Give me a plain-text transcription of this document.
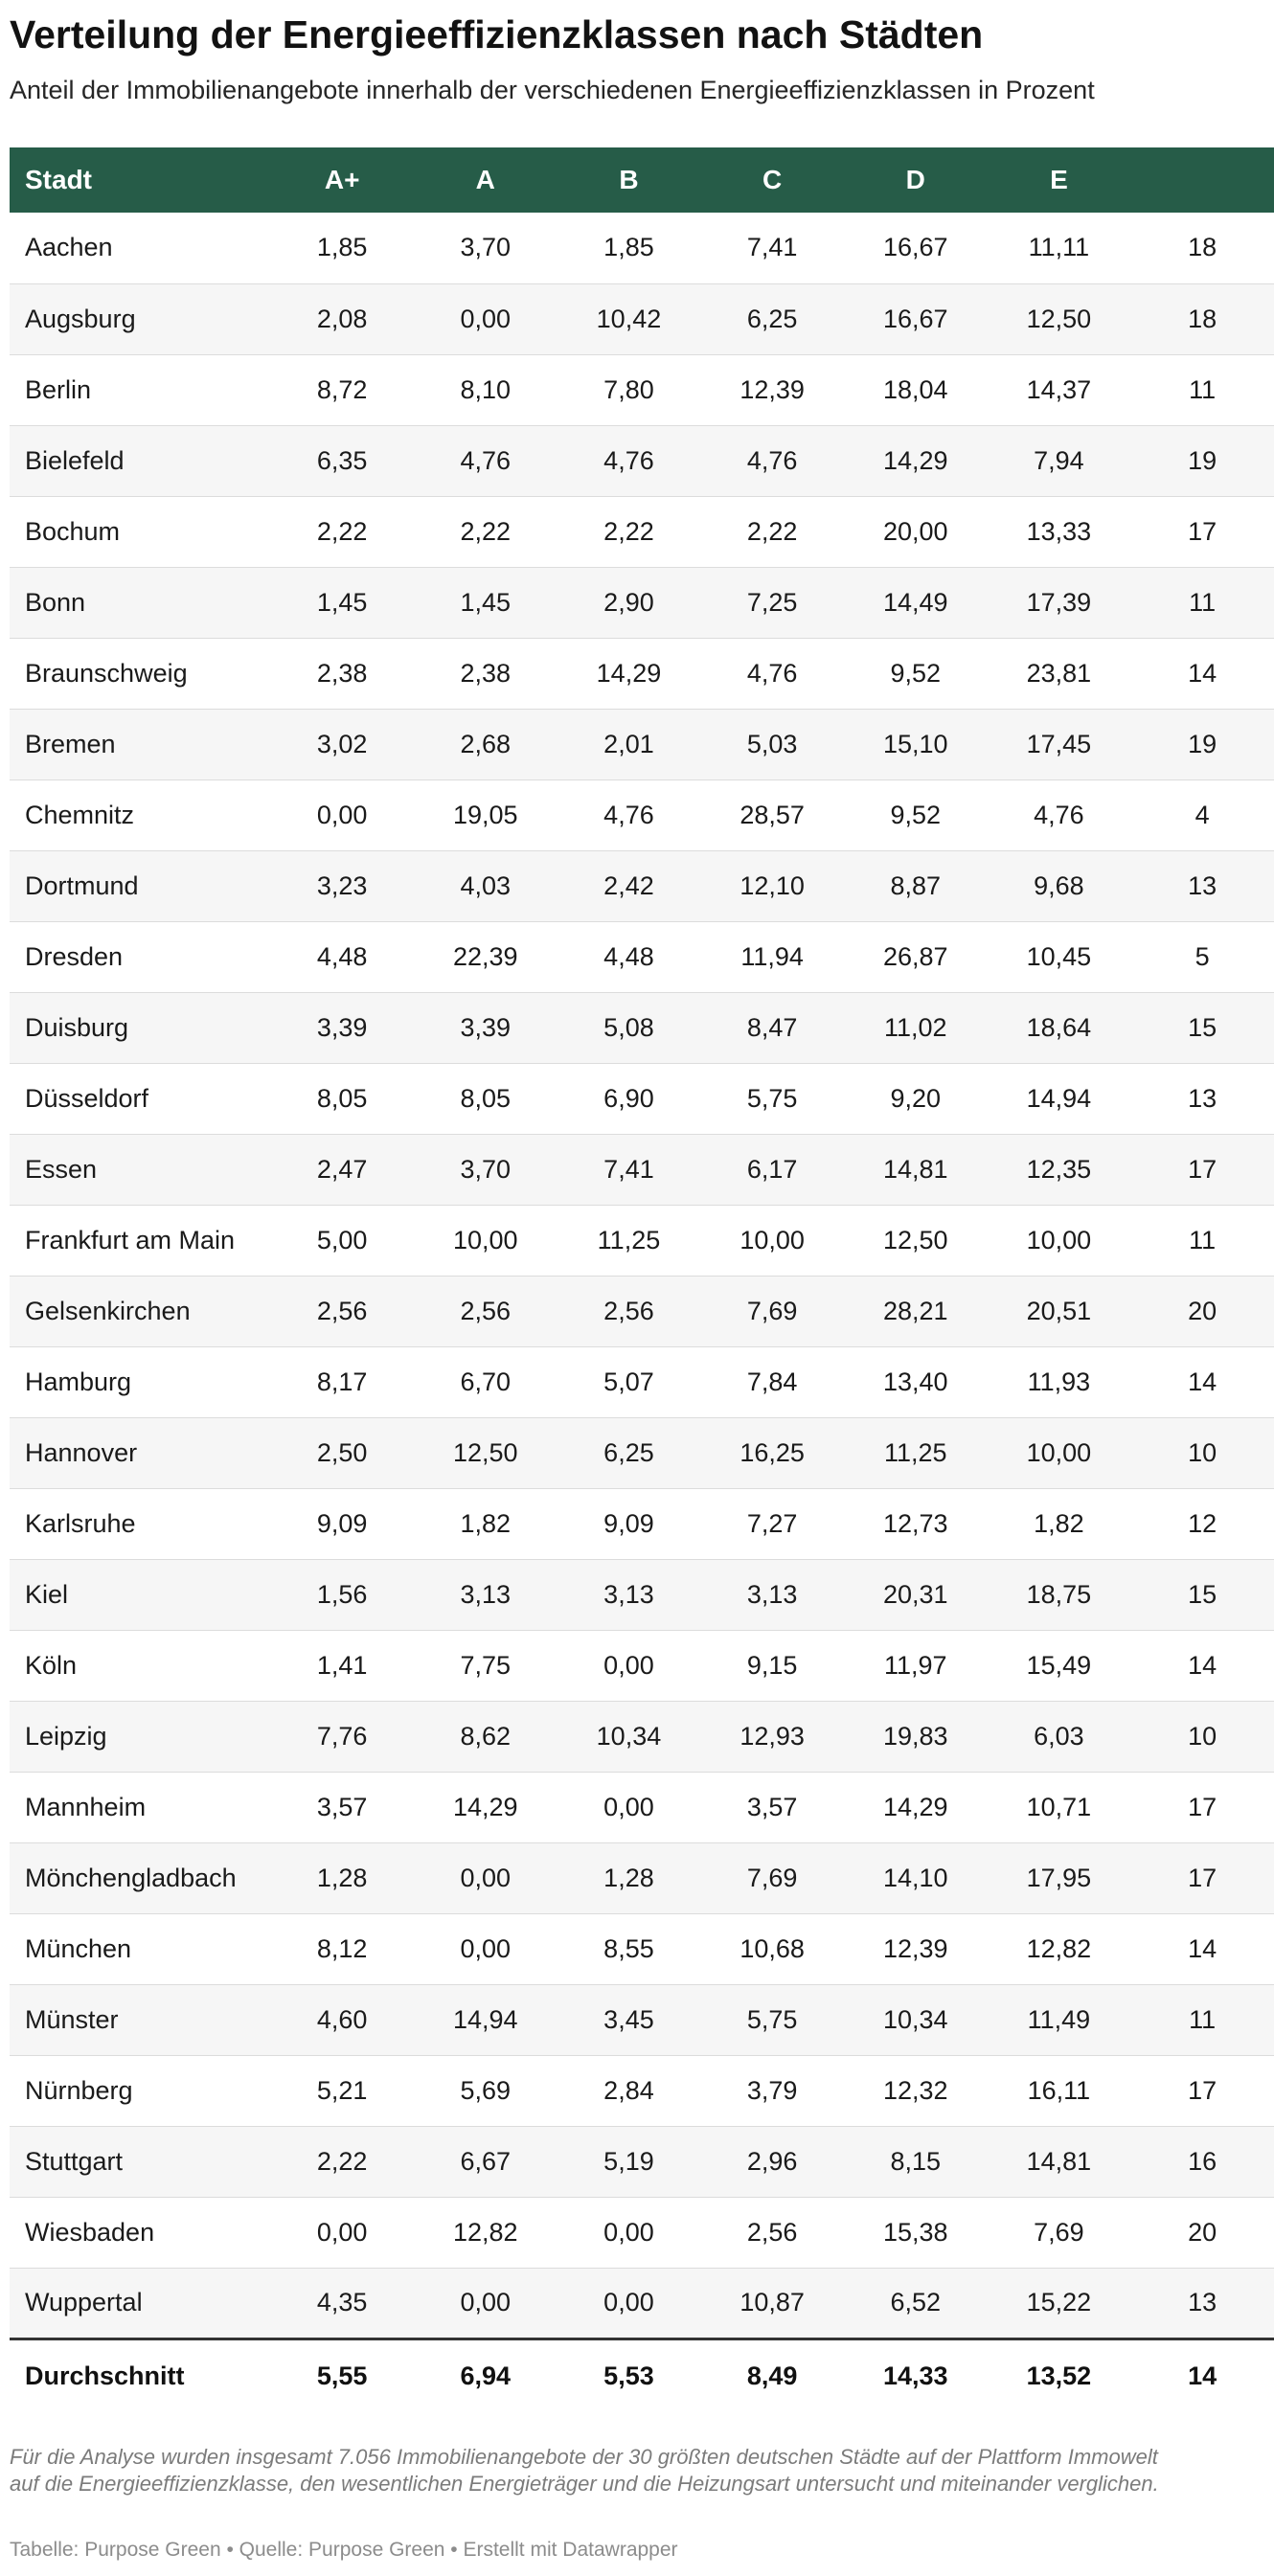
Verteilung der Energieeffizienzklassen nach Städten

Anteil der Immobilienangebote innerhalb der verschiedenen Energieeffizienzklassen in Prozent

Stadt	A+	A	B	C	D	E	
Aachen	1,85	3,70	1,85	7,41	16,67	11,11	18
Augsburg	2,08	0,00	10,42	6,25	16,67	12,50	18
Berlin	8,72	8,10	7,80	12,39	18,04	14,37	11
Bielefeld	6,35	4,76	4,76	4,76	14,29	7,94	19
Bochum	2,22	2,22	2,22	2,22	20,00	13,33	17
Bonn	1,45	1,45	2,90	7,25	14,49	17,39	11
Braunschweig	2,38	2,38	14,29	4,76	9,52	23,81	14
Bremen	3,02	2,68	2,01	5,03	15,10	17,45	19
Chemnitz	0,00	19,05	4,76	28,57	9,52	4,76	4
Dortmund	3,23	4,03	2,42	12,10	8,87	9,68	13
Dresden	4,48	22,39	4,48	11,94	26,87	10,45	5
Duisburg	3,39	3,39	5,08	8,47	11,02	18,64	15
Düsseldorf	8,05	8,05	6,90	5,75	9,20	14,94	13
Essen	2,47	3,70	7,41	6,17	14,81	12,35	17
Frankfurt am Main	5,00	10,00	11,25	10,00	12,50	10,00	11
Gelsenkirchen	2,56	2,56	2,56	7,69	28,21	20,51	20
Hamburg	8,17	6,70	5,07	7,84	13,40	11,93	14
Hannover	2,50	12,50	6,25	16,25	11,25	10,00	10
Karlsruhe	9,09	1,82	9,09	7,27	12,73	1,82	12
Kiel	1,56	3,13	3,13	3,13	20,31	18,75	15
Köln	1,41	7,75	0,00	9,15	11,97	15,49	14
Leipzig	7,76	8,62	10,34	12,93	19,83	6,03	10
Mannheim	3,57	14,29	0,00	3,57	14,29	10,71	17
Mönchengladbach	1,28	0,00	1,28	7,69	14,10	17,95	17
München	8,12	0,00	8,55	10,68	12,39	12,82	14
Münster	4,60	14,94	3,45	5,75	10,34	11,49	11
Nürnberg	5,21	5,69	2,84	3,79	12,32	16,11	17
Stuttgart	2,22	6,67	5,19	2,96	8,15	14,81	16
Wiesbaden	0,00	12,82	0,00	2,56	15,38	7,69	20
Wuppertal	4,35	0,00	0,00	10,87	6,52	15,22	13
Durchschnitt	5,55	6,94	5,53	8,49	14,33	13,52	14

Für die Analyse wurden insgesamt 7.056 Immobilienangebote der 30 größten deutschen Städte auf der Plattform Immowelt auf die Energieeffizienzklasse, den wesentlichen Energieträger und die Heizungsart untersucht und miteinander verglichen.

Tabelle: Purpose Green • Quelle: Purpose Green • Erstellt mit Datawrapper
